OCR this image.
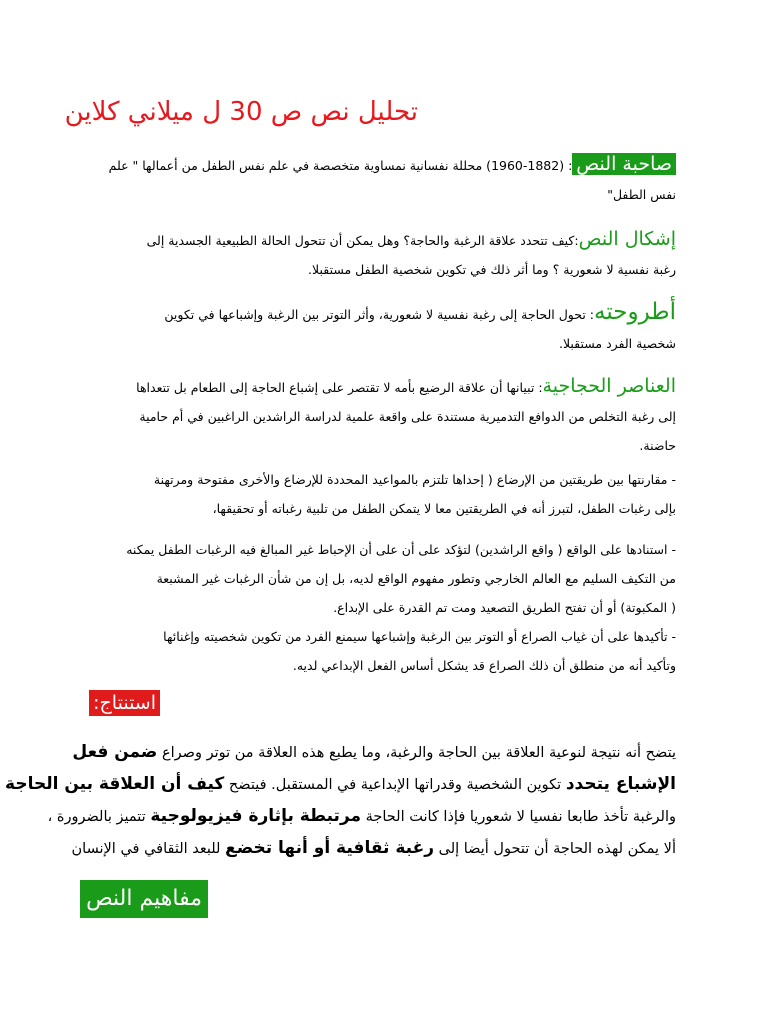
تحليل نص ص 30 ل ميلاني كلاين
صاحبة النص: (1882-1960) محللة نفسانية نمساوية متخصصة في علم نفس الطفل من أعمالها " علم
نفس الطفل"
إشكال النص:كيف تتحدد علاقة الرغبة والحاجة؟ وهل يمكن أن تتحول الحالة الطبيعية الجسدية إلى
رغبة نفسية لا شعورية ؟ وما أثر ذلك في تكوين شخصية الطفل مستقبلا.
أطروحته: تحول الحاجة إلى رغبة نفسية لا شعورية، وأثر التوتر بين الرغبة وإشباعها في تكوين
شخصية الفرد مستقبلا.
العناصر الحجاجية: تبيانها أن علاقة الرضيع بأمه لا تقتصر على إشباع الحاجة إلى الطعام بل تتعداها
إلى رغبة التخلص من الدوافع التدميرية مستندة على واقعة علمية لدراسة الراشدين الراغبين في أم حامية
حاضنة.
- مقارنتها بين طريقتين من الإرضاع ( إحداها تلتزم بالمواعيد المحددة للإرضاع والأخرى مفتوحة ومرتهنة
بإلى رغبات الطفل، لتبرز أنه في الطريقتين معا لا يتمكن الطفل من تلبية رغباته أو تحقيقها،
- استنادها على الواقع ( واقع الراشدين) لتؤكد على أن على أن الإحباط غير المبالغ فيه الرغبات الطفل يمكنه
من التكيف السليم مع العالم الخارجي وتطور مفهوم الواقع لديه، بل إن من شأن الرغبات غير المشبعة
( المكبوتة) أو أن تفتح الطريق التصعيد ومت تم القدرة على الإبداع.
- تأكيدها على أن غياب الصراع أو التوتر بين الرغبة وإشباعها سيمنع الفرد من تكوين شخصيته وإغنائها
وتأكيد أنه من منطلق أن ذلك الصراع قد يشكل أساس الفعل الإبداعي لديه.
استنتاج:
يتضح أنه نتيجة لنوعية العلاقة بين الحاجة والرغبة، وما يطبع هذه العلاقة من توتر وصراع ضمن فعل
الإشباع يتحدد تكوين الشخصية وقدراتها الإبداعية في المستقبل. فيتضح كيف أن العلاقة بين الحاجة
والرغبة تأخذ طابعا نفسيا لا شعوريا فإذا كانت الحاجة مرتبطة بإثارة فيزيولوجية تتميز بالضرورة ،
ألا يمكن لهذه الحاجة أن تتحول أيضا إلى رغبة ثقافية أو أنها تخضع للبعد الثقافي في الإنسان
مفاهيم النص
